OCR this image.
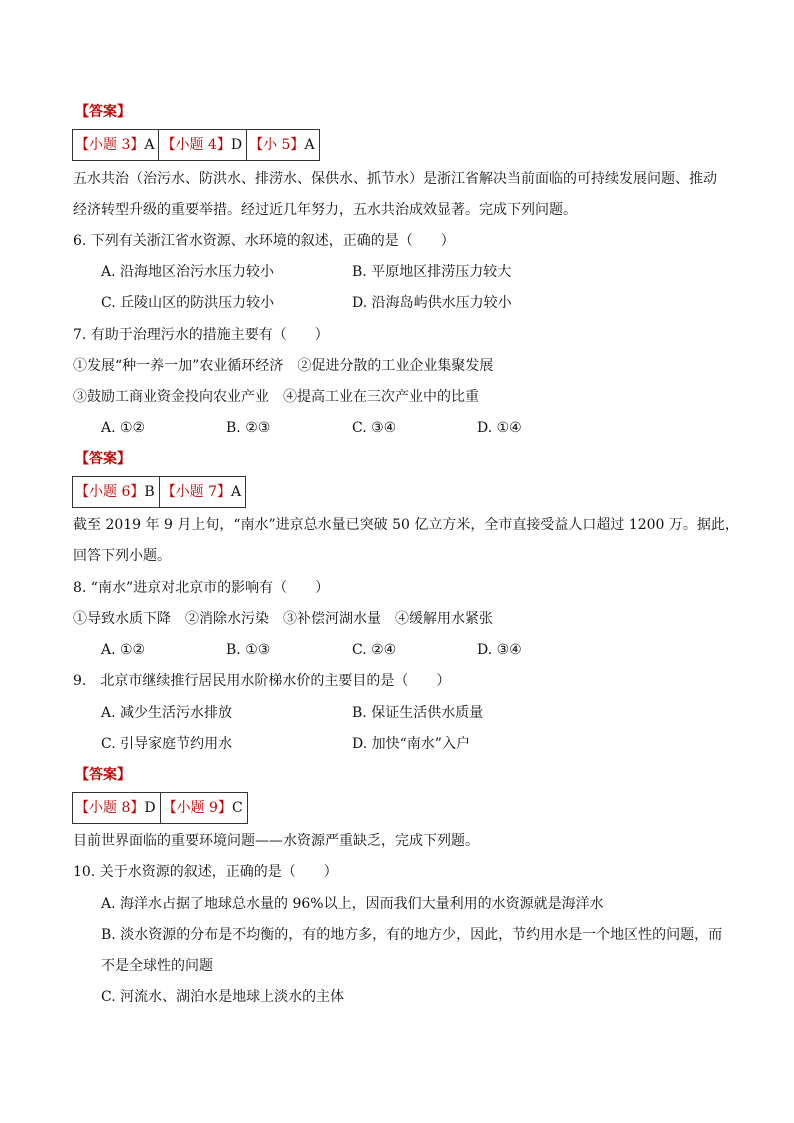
【答案】
【小题 3】A 【小题 4】D 【小 5】A
五水共治（治污水、防洪水、排涝水、保供水、抓节水）是浙江省解决当前面临的可持续发展问题、推动
经济转型升级的重要举措。经过近几年努力，五水共治成效显著。完成下列问题。
6. 下列有关浙江省水资源、水环境的叙述，正确的是（　　）
A. 沿海地区治污水压力较小	B. 平原地区排涝压力较大
C. 丘陵山区的防洪压力较小	D. 沿海岛屿供水压力较小
7. 有助于治理污水的措施主要有（　　）
①发展“种一养一加”农业循环经济　②促进分散的工业企业集聚发展
③鼓励工商业资金投向农业产业　④提高工业在三次产业中的比重
A. ①②	B. ②③	C. ③④	D. ①④
【答案】
【小题 6】B 【小题 7】A
截至 2019 年 9 月上旬，“南水”进京总水量已突破 50 亿立方米，全市直接受益人口超过 1200 万。据此，
回答下列小题。
8. “南水”进京对北京市的影响有（　　）
①导致水质下降　②消除水污染　③补偿河湖水量　④缓解用水紧张
A. ①②	B. ①③	C. ②④	D. ③④
9.　北京市继续推行居民用水阶梯水价的主要目的是（　　）
A. 减少生活污水排放	B. 保证生活供水质量
C. 引导家庭节约用水	D. 加快“南水”入户
【答案】
【小题 8】D 【小题 9】C
目前世界面临的重要环境问题——水资源严重缺乏，完成下列题。
10. 关于水资源的叙述，正确的是（　　）
A. 海洋水占据了地球总水量的 96%以上，因而我们大量利用的水资源就是海洋水
B. 淡水资源的分布是不均衡的，有的地方多，有的地方少，因此，节约用水是一个地区性的问题，而
不是全球性的问题
C. 河流水、湖泊水是地球上淡水的主体
